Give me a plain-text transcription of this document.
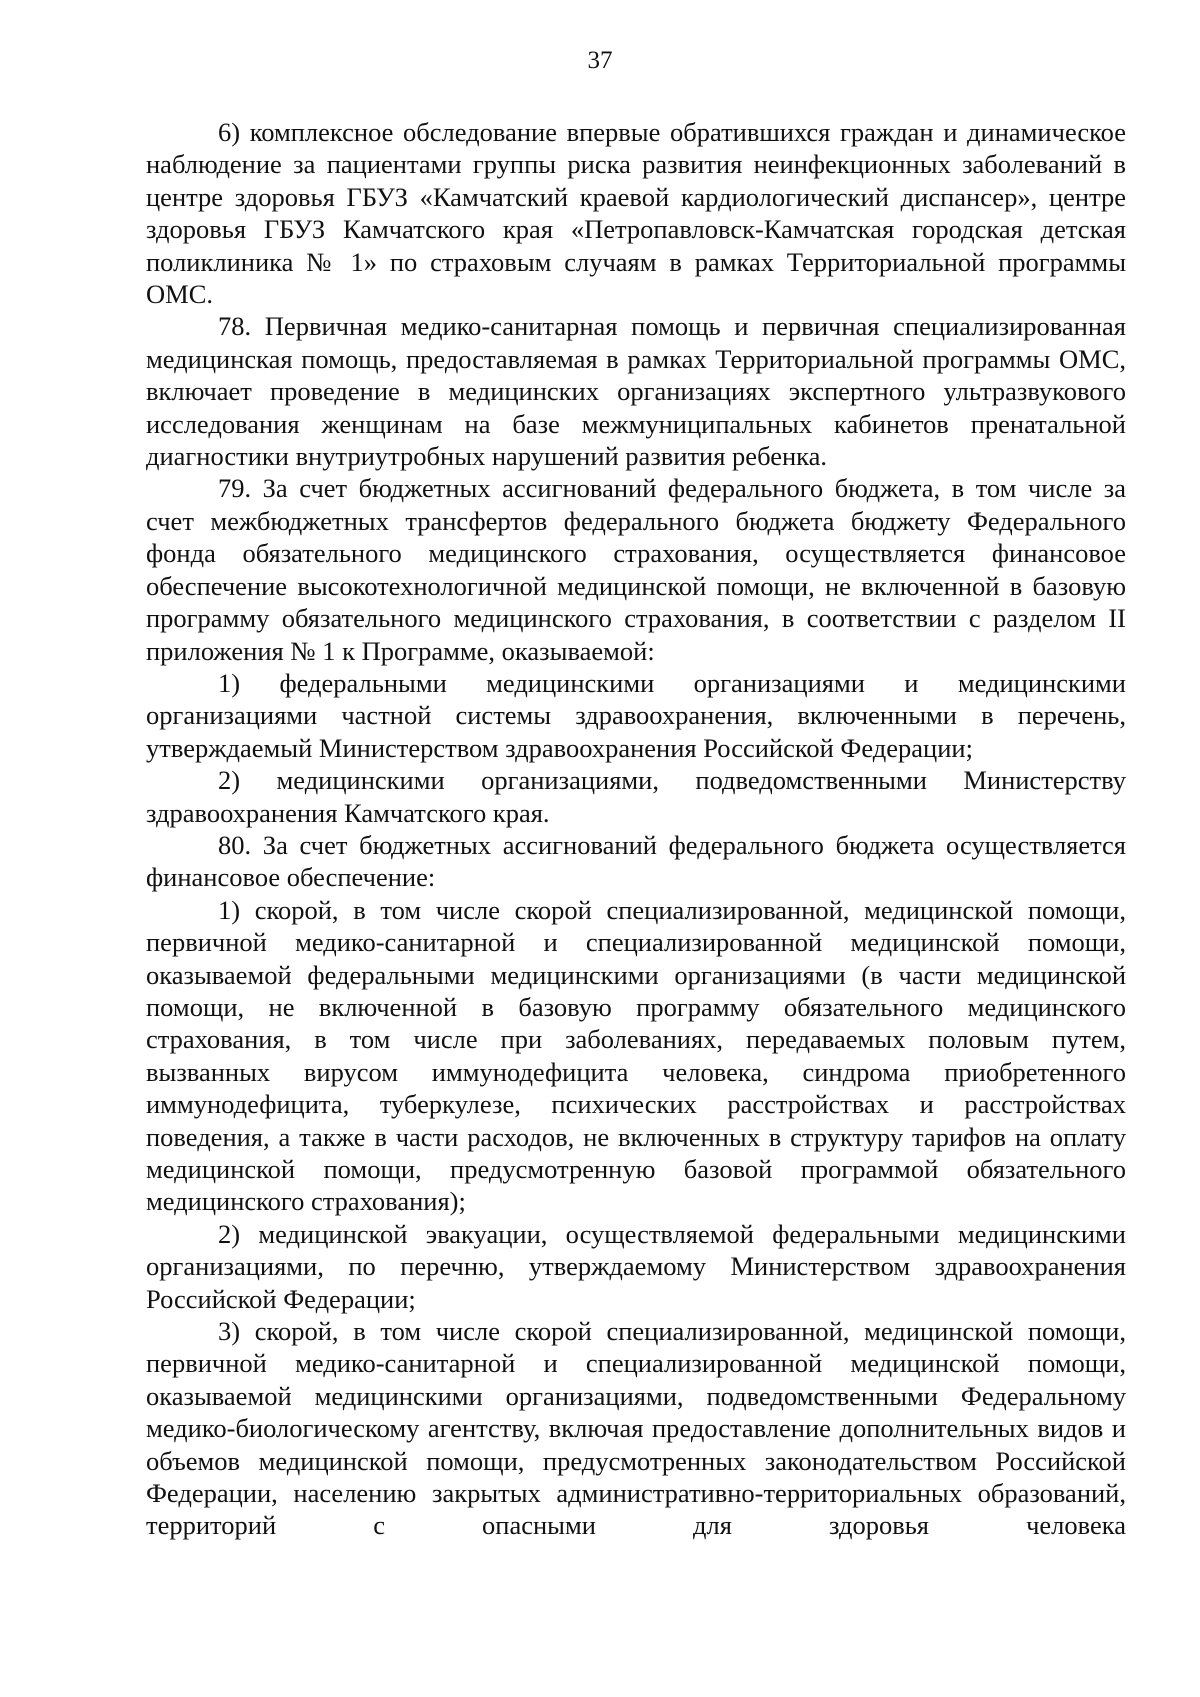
37

6) комплексное обследование впервые обратившихся граждан и динамическое наблюдение за пациентами группы риска развития неинфекционных заболеваний в центре здоровья ГБУЗ «Камчатский краевой кардиологический диспансер», центре здоровья ГБУЗ Камчатского края «Петропавловск-Камчатская городская детская поликлиника № 1» по страховым случаям в рамках Территориальной программы ОМС.

78. Первичная медико-санитарная помощь и первичная специализированная медицинская помощь, предоставляемая в рамках Территориальной программы ОМС, включает проведение в медицинских организациях экспертного ультразвукового исследования женщинам на базе межмуниципальных кабинетов пренатальной диагностики внутриутробных нарушений развития ребенка.

79. За счет бюджетных ассигнований федерального бюджета, в том числе за счет межбюджетных трансфертов федерального бюджета бюджету Федерального фонда обязательного медицинского страхования, осуществляется финансовое обеспечение высокотехнологичной медицинской помощи, не включенной в базовую программу обязательного медицинского страхования, в соответствии с разделом II приложения № 1 к Программе, оказываемой:

1) федеральными медицинскими организациями и медицинскими организациями частной системы здравоохранения, включенными в перечень, утверждаемый Министерством здравоохранения Российской Федерации;

2) медицинскими организациями, подведомственными Министерству здравоохранения Камчатского края.

80. За счет бюджетных ассигнований федерального бюджета осуществляется финансовое обеспечение:

1) скорой, в том числе скорой специализированной, медицинской помощи, первичной медико-санитарной и специализированной медицинской помощи, оказываемой федеральными медицинскими организациями (в части медицинской помощи, не включенной в базовую программу обязательного медицинского страхования, в том числе при заболеваниях, передаваемых половым путем, вызванных вирусом иммунодефицита человека, синдрома приобретенного иммунодефицита, туберкулезе, психических расстройствах и расстройствах поведения, а также в части расходов, не включенных в структуру тарифов на оплату медицинской помощи, предусмотренную базовой программой обязательного медицинского страхования);

2) медицинской эвакуации, осуществляемой федеральными медицинскими организациями, по перечню, утверждаемому Министерством здравоохранения Российской Федерации;

3) скорой, в том числе скорой специализированной, медицинской помощи, первичной медико-санитарной и специализированной медицинской помощи, оказываемой медицинскими организациями, подведомственными Федеральному медико-биологическому агентству, включая предоставление дополнительных видов и объемов медицинской помощи, предусмотренных законодательством Российской Федерации, населению закрытых административно-территориальных образований, территорий с опасными для здоровья человека
